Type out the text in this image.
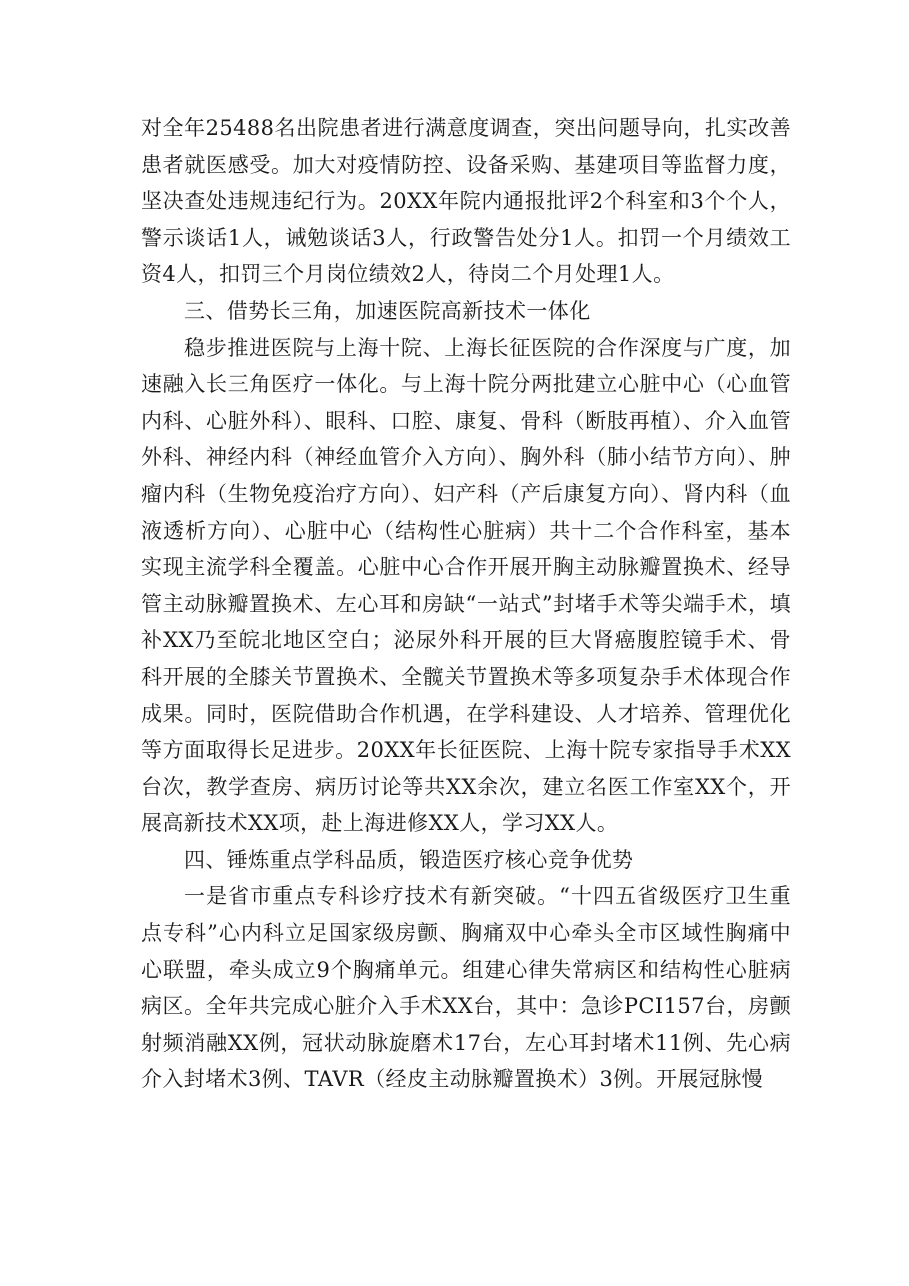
对全年25488名出院患者进行满意度调查，突出问题导向，扎实改善患者就医感受。加大对疫情防控、设备采购、基建项目等监督力度，坚决查处违规违纪行为。20XX年院内通报批评2个科室和3个个人，警示谈话1人，诫勉谈话3人，行政警告处分1人。扣罚一个月绩效工资4人，扣罚三个月岗位绩效2人，待岗二个月处理1人。

三、借势长三角，加速医院高新技术一体化

稳步推进医院与上海十院、上海长征医院的合作深度与广度，加速融入长三角医疗一体化。与上海十院分两批建立心脏中心（心血管内科、心脏外科）、眼科、口腔、康复、骨科（断肢再植）、介入血管外科、神经内科（神经血管介入方向）、胸外科（肺小结节方向）、肿瘤内科（生物免疫治疗方向）、妇产科（产后康复方向）、肾内科（血液透析方向）、心脏中心（结构性心脏病）共十二个合作科室，基本实现主流学科全覆盖。心脏中心合作开展开胸主动脉瓣置换术、经导管主动脉瓣置换术、左心耳和房缺“一站式”封堵手术等尖端手术，填补XX乃至皖北地区空白；泌尿外科开展的巨大肾癌腹腔镜手术、骨科开展的全膝关节置换术、全髋关节置换术等多项复杂手术体现合作成果。同时，医院借助合作机遇，在学科建设、人才培养、管理优化等方面取得长足进步。20XX年长征医院、上海十院专家指导手术XX台次，教学查房、病历讨论等共XX余次，建立名医工作室XX个，开展高新技术XX项，赴上海进修XX人，学习XX人。

四、锤炼重点学科品质，锻造医疗核心竞争优势

一是省市重点专科诊疗技术有新突破。“十四五省级医疗卫生重点专科”心内科立足国家级房颤、胸痛双中心牵头全市区域性胸痛中心联盟，牵头成立9个胸痛单元。组建心律失常病区和结构性心脏病病区。全年共完成心脏介入手术XX台，其中：急诊PCI157台，房颤射频消融XX例，冠状动脉旋磨术17台，左心耳封堵术11例、先心病介入封堵术3例、TAVR（经皮主动脉瓣置换术）3例。开展冠脉慢
